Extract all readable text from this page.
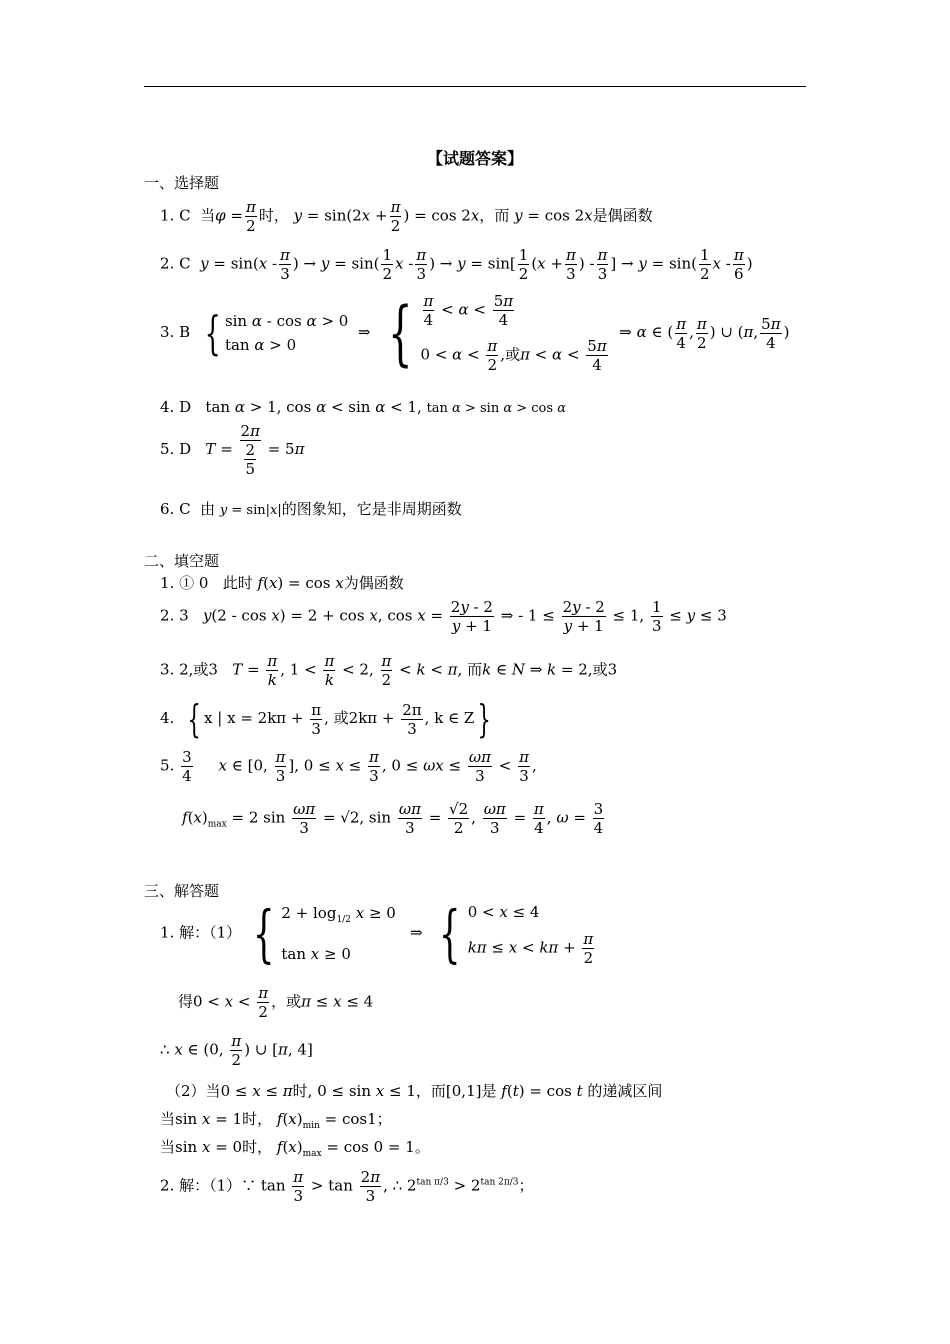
【试题答案】
一、选择题
1. C 当$\varphi = \frac{\pi}{2}$ 时， $y = \sin(2x + \frac{\pi}{2}$ ) = cos 2x，而 y = cos 2x是偶函数
2. C $y = \sin(x - \frac{\pi}{3}$ ) → $y = \sin( \frac{1}{2}$ x - $\frac{\pi}{3}$ ) → $y = \sin[ \frac{1}{2} (x + \frac{\pi}{3}$ ) - $\frac{\pi}{3}$ ] → $y = \sin( \frac{1}{2}$ x - $\frac{\pi}{6}$ )
3. B { sin α - cos α > 0
tan α > 0
⇒  { $\frac{\pi}{4} < \alpha < \frac{5\pi}{4}$
$0 < \alpha < \frac{\pi}{2}$ ,或$\pi < \alpha < \frac{5\pi}{4}$
⇒ α ∈ ( $\frac{\pi}{4}$ , $\frac{\pi}{2}$ ) ∪ (π, $\frac{5\pi}{4}$ )
4. D   tan α > 1, cos α < sin α < 1, tan α > sin α > cos α
5. D $T = \frac{2\pi}{\frac{2}{5}} = 5\pi$
6. C 由 y = sin|x|的图象知，它是非周期函数
二、填空题
1. ① 0   此时 f(x) = cos x为偶函数
2. 3   y(2 - cos x) = 2 + cos x, $\cos x = \frac{2y - 2}{y + 1}$ ⇒ - $1 \le \frac{2y - 2}{y + 1} \le 1$, $\frac{1}{3} \le y \le 3$
3. 2,或3   $T = \frac{\pi}{k}$ , $1 < \frac{\pi}{k} < 2$, $\frac{\pi}{2} < k < \pi$, 而k ∈ N ⇒ k = 2,或3
4. { x | $x = 2k\pi + \frac{\pi}{3}$ , 或$2k\pi + \frac{2\pi}{3}$ , k ∈ Z}
5. $\frac{3}{4}$ x ∈ [0, $\frac{\pi}{3}$ ], $0 \le x \le \frac{\pi}{3}$ , $0 \le \omega x \le \frac{\omega\pi}{3} < \frac{\pi}{3}$ ,
$f(x)_{max} = 2$ $\sin \frac{\omega\pi}{3} = √2$, $\sin \frac{\omega\pi}{3} = \frac{√2}{2}$ , $\frac{\omega\pi}{3} = \frac{\pi}{4}$ , $\omega = \frac{3}{4}$
三、解答题
1. 解：（1） { $2 + \log_{1/2} x \ge 0$
tan x ≥ 0
⇒  { 0 < x ≤ 4
$k\pi \le x < k\pi + \frac{\pi}{2}$
得$0 < x < \frac{\pi}{2}$ ，或π ≤ x ≤ 4
∴ x ∈ (0, $\frac{\pi}{2}$ ) ∪ [π, 4]
（2）当0 ≤ x ≤ π时, 0 ≤ sin x ≤ 1，而[0,1]是 f(t) = cos t 的递减区间
当sin x = 1时， $f(x)_{min} = \cos 1$；
当sin x = 0时， $f(x)_{max} = \cos 0 = 1$。
2. 解：（1）∵ $\tan \frac{\pi}{3} > \tan \frac{2\pi}{3}$ , ∴ $2^{tan \pi/3} > 2^{tan 2\pi/3}$；
